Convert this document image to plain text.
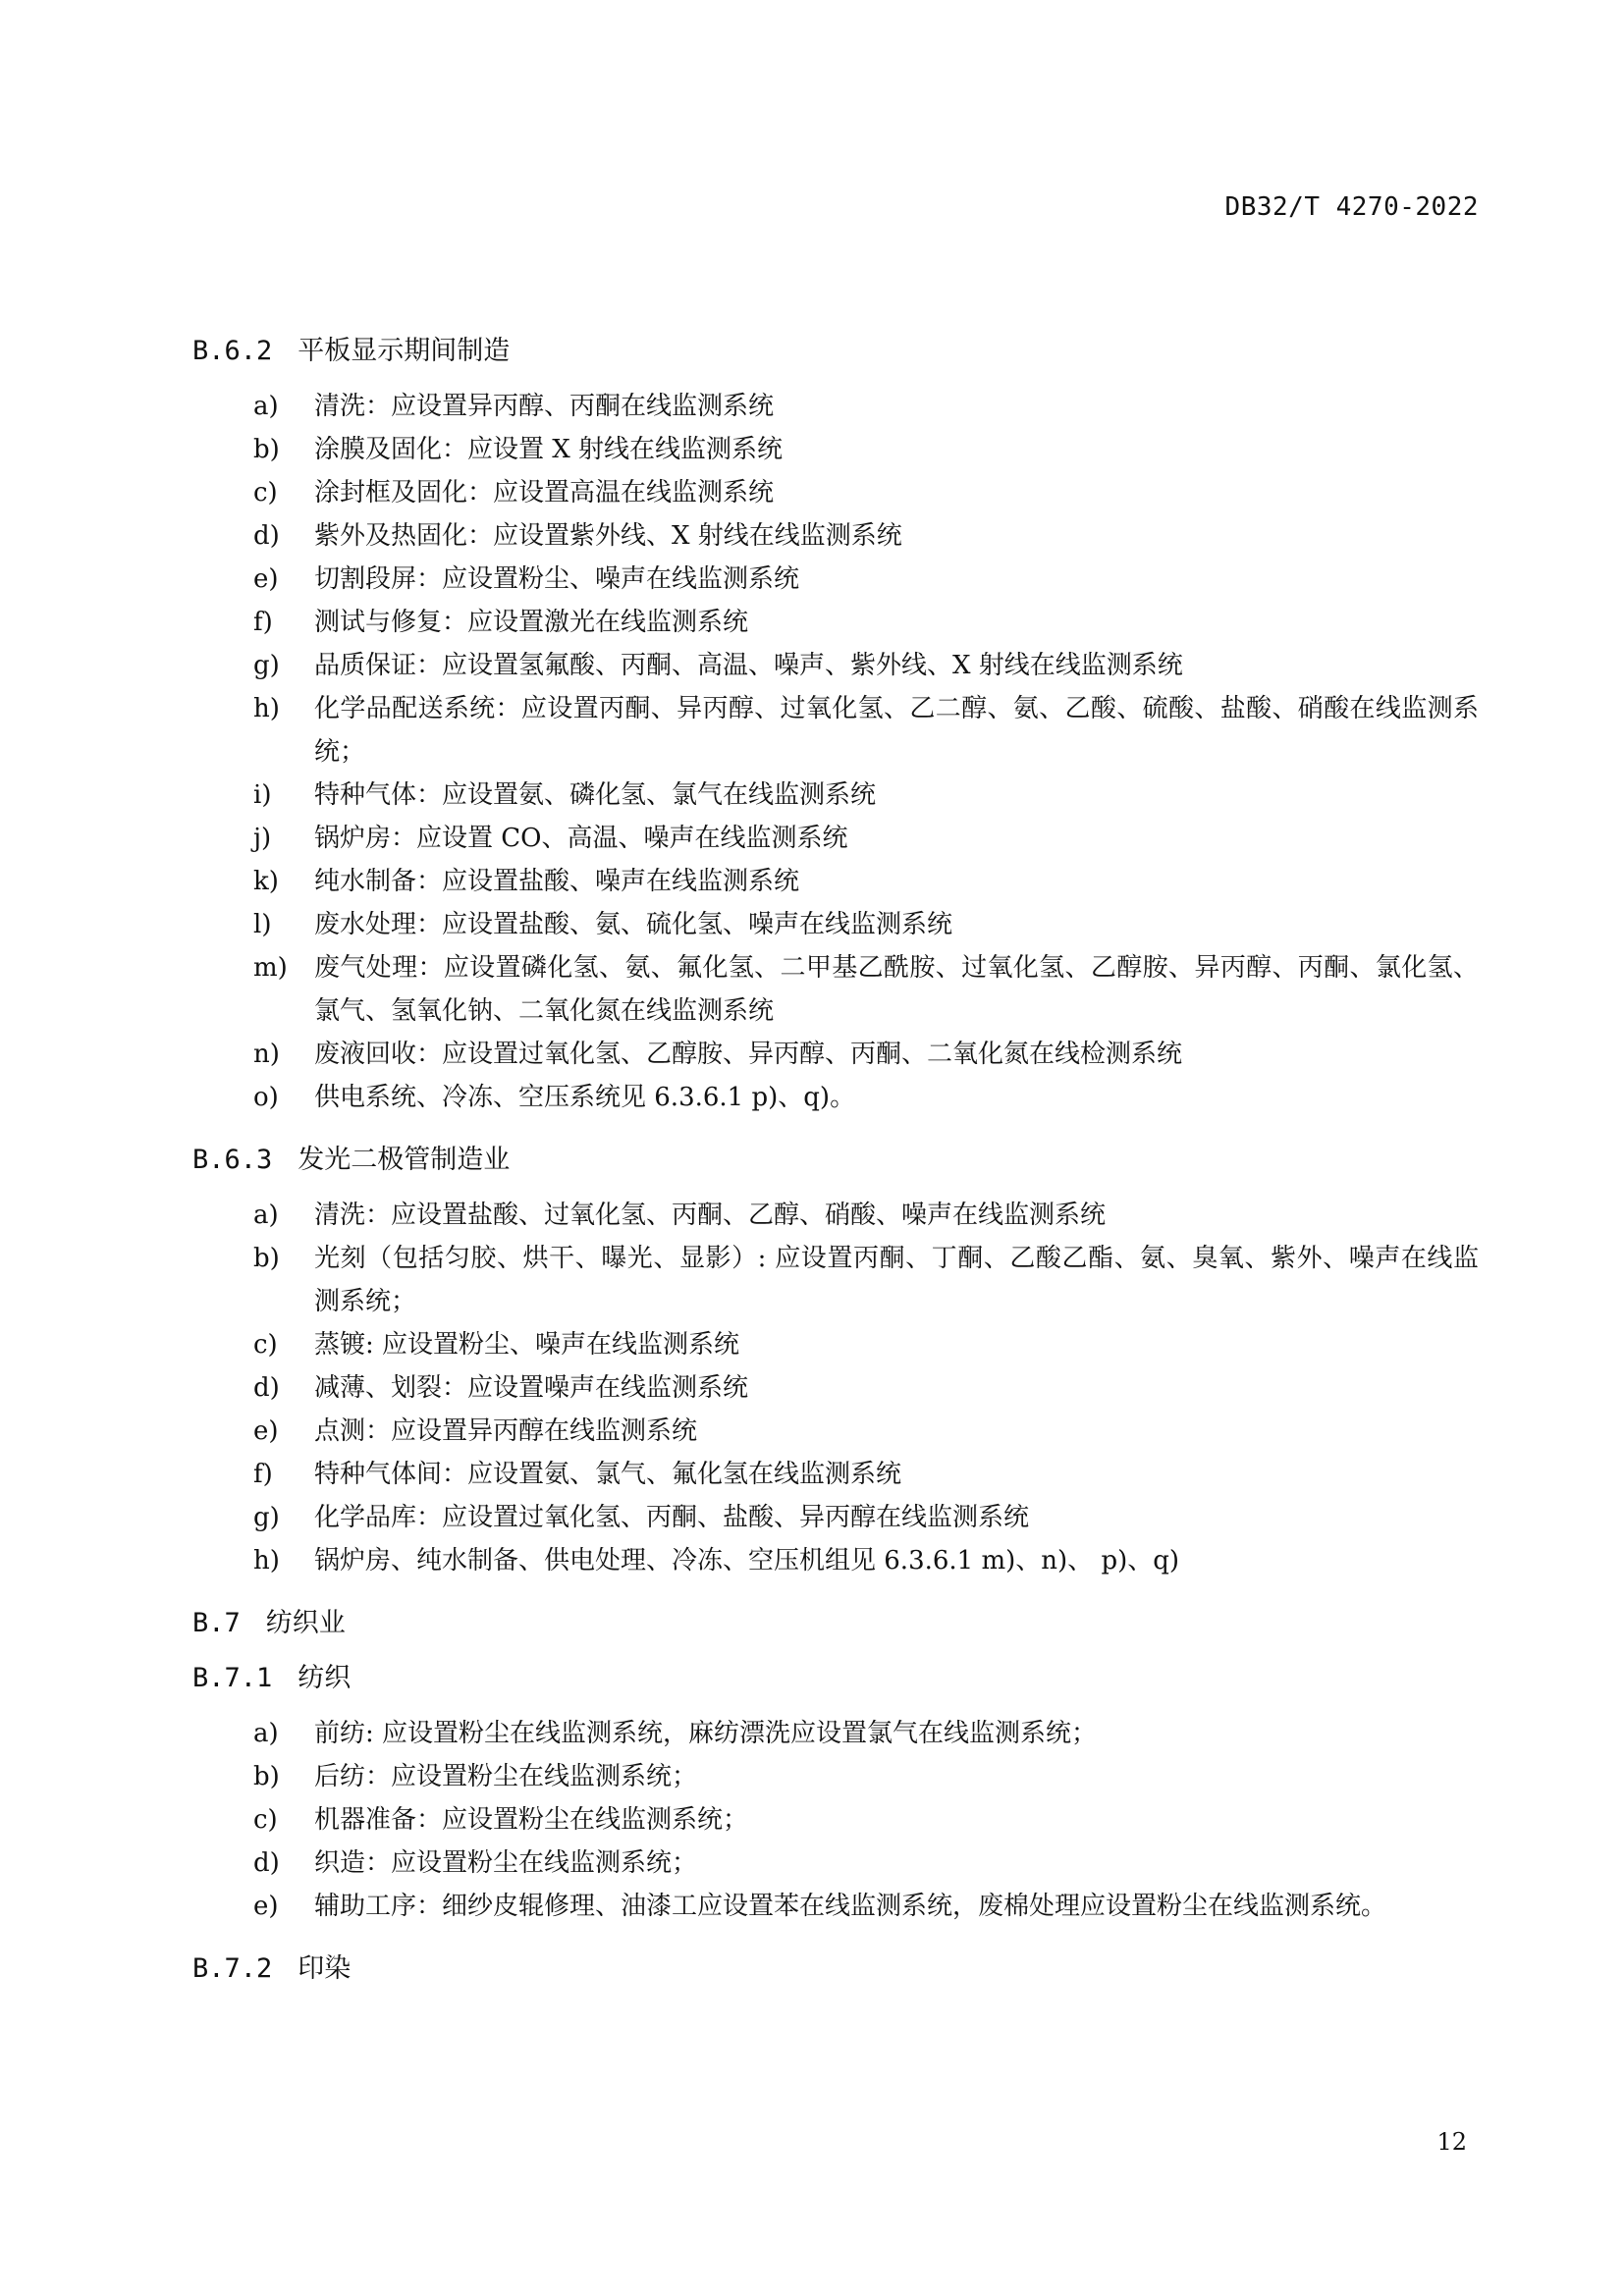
DB32/T 4270-2022
B.6.2 平板显示期间制造
a)	清洗：应设置异丙醇、丙酮在线监测系统
b)	涂膜及固化：应设置 X 射线在线监测系统
c)	涂封框及固化：应设置高温在线监测系统
d)	紫外及热固化：应设置紫外线、X 射线在线监测系统
e)	切割段屏：应设置粉尘、噪声在线监测系统
f)	测试与修复：应设置激光在线监测系统
g)	品质保证：应设置氢氟酸、丙酮、高温、噪声、紫外线、X 射线在线监测系统
h)	化学品配送系统：应设置丙酮、异丙醇、过氧化氢、乙二醇、氨、乙酸、硫酸、盐酸、硝酸在线监测系统；
i)	特种气体：应设置氨、磷化氢、氯气在线监测系统
j)	锅炉房：应设置 CO、高温、噪声在线监测系统
k)	纯水制备：应设置盐酸、噪声在线监测系统
l)	废水处理：应设置盐酸、氨、硫化氢、噪声在线监测系统
m)	废气处理：应设置磷化氢、氨、氟化氢、二甲基乙酰胺、过氧化氢、乙醇胺、异丙醇、丙酮、氯化氢、氯气、氢氧化钠、二氧化氮在线监测系统
n)	废液回收：应设置过氧化氢、乙醇胺、异丙醇、丙酮、二氧化氮在线检测系统
o)	供电系统、冷冻、空压系统见 6.3.6.1 p)、q)。
B.6.3 发光二极管制造业
a)	清洗：应设置盐酸、过氧化氢、丙酮、乙醇、硝酸、噪声在线监测系统
b)	光刻（包括匀胶、烘干、曝光、显影）: 应设置丙酮、丁酮、乙酸乙酯、氨、臭氧、紫外、噪声在线监测系统；
c)	蒸镀: 应设置粉尘、噪声在线监测系统
d)	减薄、划裂：应设置噪声在线监测系统
e)	点测：应设置异丙醇在线监测系统
f)	特种气体间：应设置氨、氯气、氟化氢在线监测系统
g)	化学品库：应设置过氧化氢、丙酮、盐酸、异丙醇在线监测系统
h)	锅炉房、纯水制备、供电处理、冷冻、空压机组见 6.3.6.1 m)、n)、 p)、q)
B.7 纺织业
B.7.1 纺织
a)	前纺: 应设置粉尘在线监测系统，麻纺漂洗应设置氯气在线监测系统；
b)	后纺：应设置粉尘在线监测系统；
c)	机器准备：应设置粉尘在线监测系统；
d)	织造：应设置粉尘在线监测系统；
e)	辅助工序：细纱皮辊修理、油漆工应设置苯在线监测系统，废棉处理应设置粉尘在线监测系统。
B.7.2 印染
12
